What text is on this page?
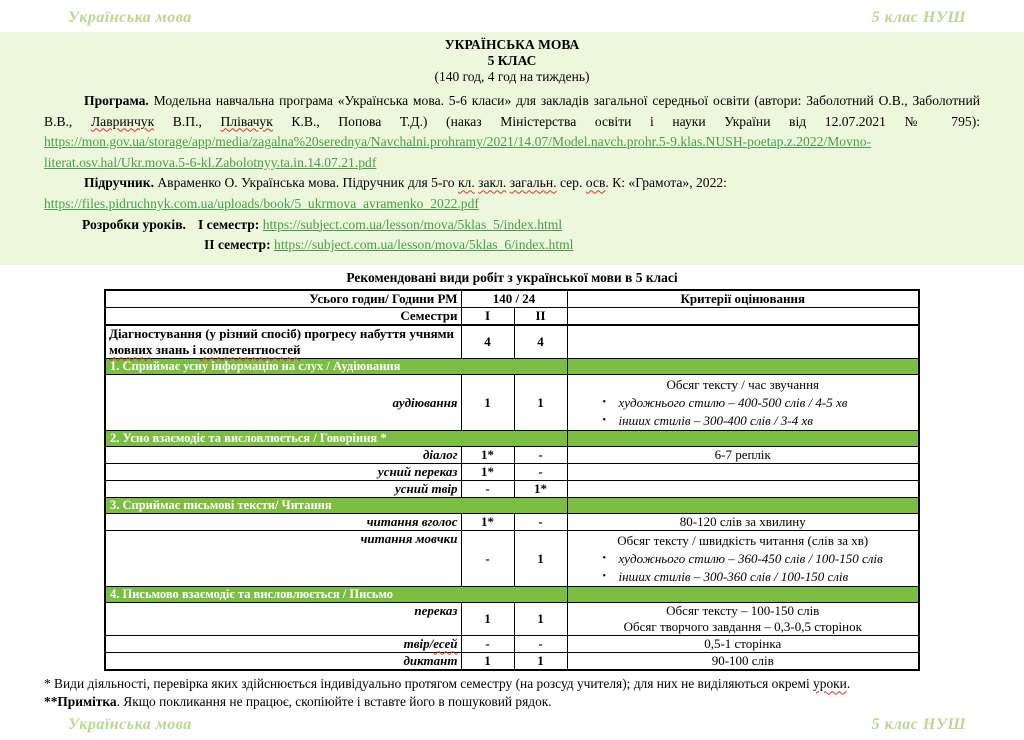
Українська мова	5 клас НУШ
УКРАЇНСЬКА МОВА
5 КЛАС
(140 год, 4 год на тиждень)

Програма. Модельна навчальна програма «Українська мова. 5-6 класи» для закладів загальної середньої освіти (автори: Заболотний О.В., Заболотний В.В., Лавринчук В.П., Плівачук К.В., Попова Т.Д.) (наказ Міністерства освіти і науки України від 12.07.2021 № 795): https://mon.gov.ua/storage/app/media/zagalna%20serednya/Navchalni.prohramy/2021/14.07/Model.navch.prohr.5-9.klas.NUSH-poetap.z.2022/Movno-literat.osv.hal/Ukr.mova.5-6-kl.Zabolotnyy.ta.in.14.07.21.pdf

Підручник. Авраменко О. Українська мова. Підручник для 5-го кл. закл. загальн. сер. осв. К: «Грамота», 2022:

https://files.pidruchnyk.com.ua/uploads/book/5_ukrmova_avramenko_2022.pdf

Розробки уроків. І семестр: https://subject.com.ua/lesson/mova/5klas_5/index.html

ІІ семестр: https://subject.com.ua/lesson/mova/5klas_6/index.html

Рекомендовані види робіт з української мови в 5 класі
Усього годин/ Години РМ	140 / 24		Критерії оцінювання
Семестри	І	ІІ	
Діагностування (у різний спосіб) прогресу набуття учнями мовних знань і компетентностей	4	4	
1. Сприймає усну інформацію на слух / Аудіювання			
аудіювання	1	1	Обсяг тексту / час звучання
• художнього стилю – 400-500 слів / 4-5 хв
• інших стилів – 300-400 слів / 3-4 хв

2. Усно взаємодіє та висловлюється / Говоріння *			
діалог	1*	-	6-7 реплік
усний переказ	1*	-	
усний твір	-	1*	
3. Сприймає письмові тексти/ Читання			
читання вголос	1*	-	80-120 слів за хвилину
читання мовчки	-	1	Обсяг тексту / швидкість читання (слів за хв)
• художнього стилю – 360-450 слів / 100-150 слів
• інших стилів – 300-360 слів / 100-150 слів

4. Письмово взаємодіє та висловлюється / Письмо			
переказ	1	1	Обсяг тексту – 100-150 слів
Обсяг творчого завдання – 0,3-0,5 сторінок

твір/есей	-	-	0,5-1 сторінка
диктант	1	1	90-100 слів
* Види діяльності, перевірка яких здійснюється індивідуально протягом семестру (на розсуд учителя); для них не виділяються окремі уроки.
**Примітка. Якщо покликання не працює, скопіюйте і вставте його в пошуковий рядок.
Українська мова	5 клас НУШ
